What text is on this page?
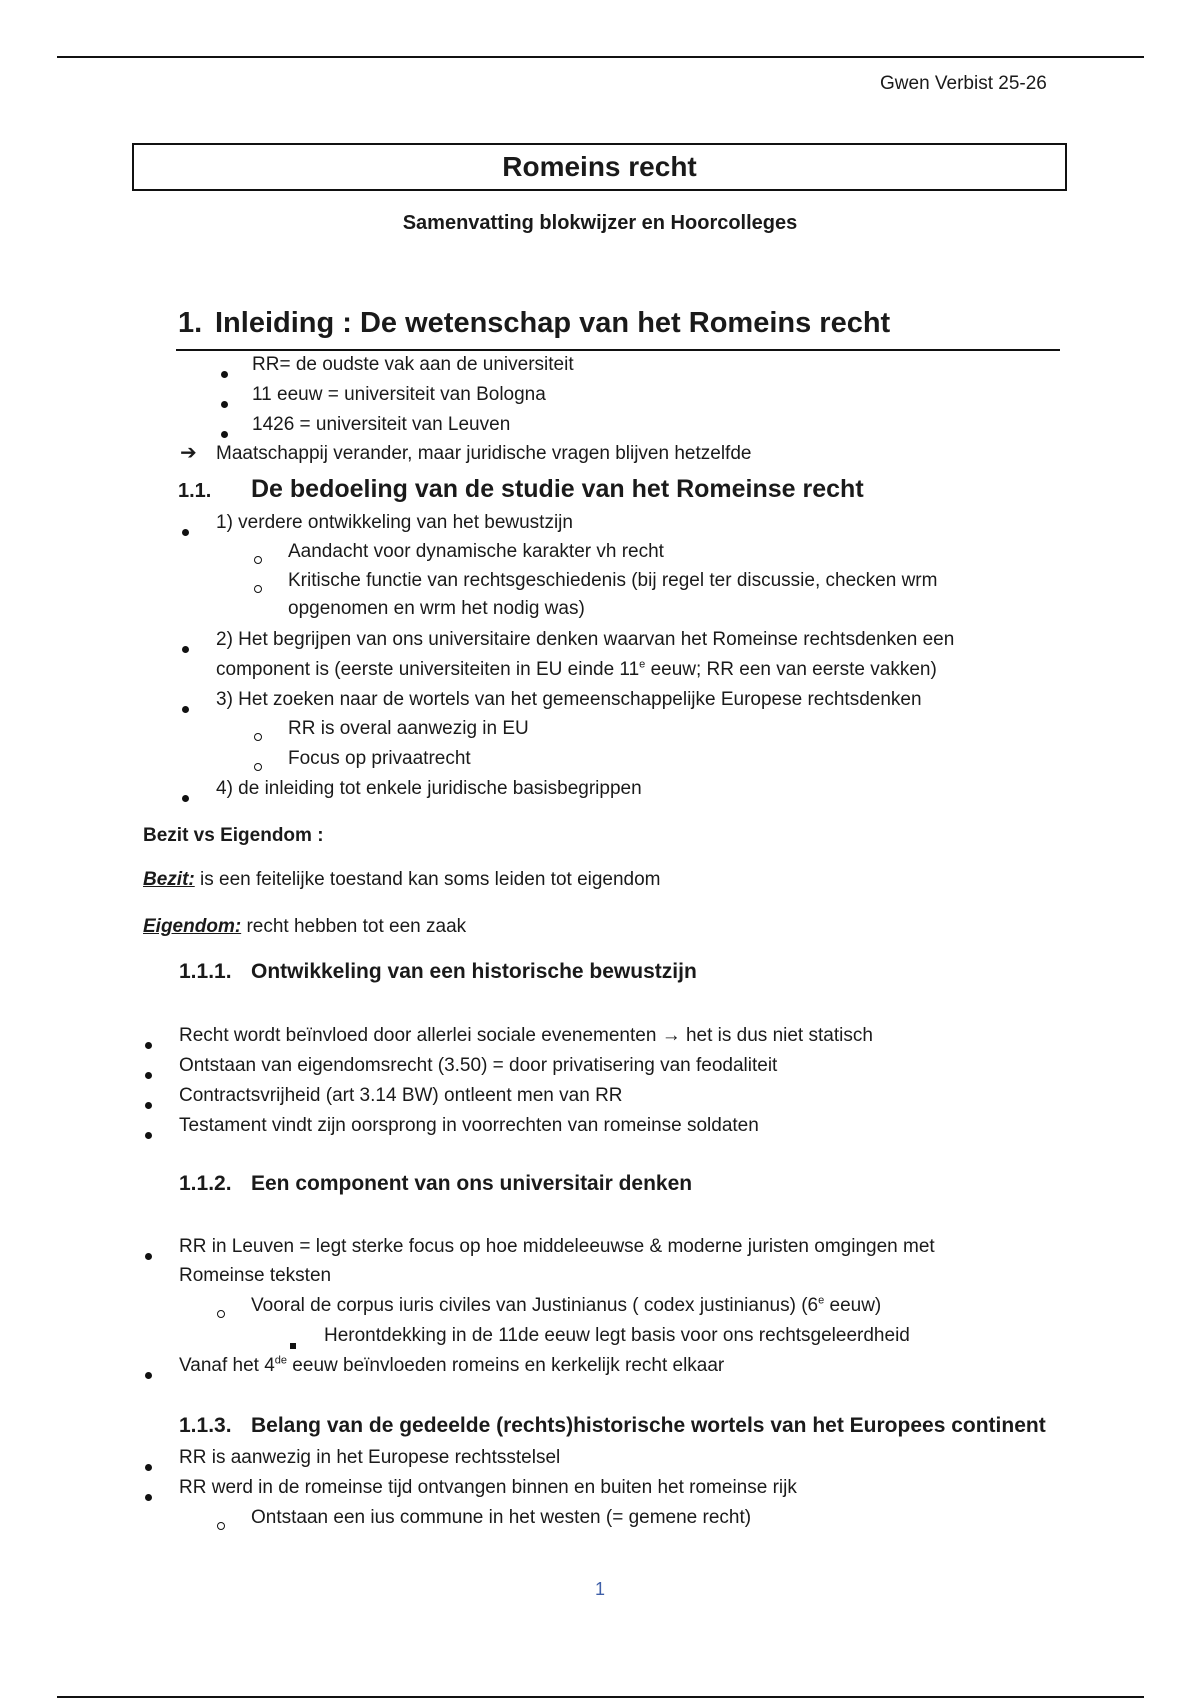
Gwen Verbist 25-26
Romeins recht
Samenvatting blokwijzer en Hoorcolleges
1. Inleiding : De wetenschap van het Romeins recht
RR= de oudste vak aan de universiteit
11 eeuw = universiteit van Bologna
1426 = universiteit van Leuven
➔ Maatschappij verander, maar juridische vragen blijven hetzelfde
1.1. De bedoeling van de studie van het Romeinse recht
1) verdere ontwikkeling van het bewustzijn
Aandacht voor dynamische karakter vh recht
Kritische functie van rechtsgeschiedenis (bij regel ter discussie, checken wrm
opgenomen en wrm het nodig was)
2) Het begrijpen van ons universitaire denken waarvan het Romeinse rechtsdenken een
component is (eerste universiteiten in EU einde 11e eeuw; RR een van eerste vakken)
3) Het zoeken naar de wortels van het gemeenschappelijke Europese rechtsdenken
RR is overal aanwezig in EU
Focus op privaatrecht
4) de inleiding tot enkele juridische basisbegrippen
Bezit vs Eigendom :
Bezit: is een feitelijke toestand kan soms leiden tot eigendom
Eigendom: recht hebben tot een zaak
1.1.1. Ontwikkeling van een historische bewustzijn
Recht wordt beïnvloed door allerlei sociale evenementen → het is dus niet statisch
Ontstaan van eigendomsrecht (3.50) = door privatisering van feodaliteit
Contractsvrijheid (art 3.14 BW) ontleent men van RR
Testament vindt zijn oorsprong in voorrechten van romeinse soldaten
1.1.2. Een component van ons universitair denken
RR in Leuven = legt sterke focus op hoe middeleeuwse & moderne juristen omgingen met
Romeinse teksten
Vooral de corpus iuris civiles van Justinianus ( codex justinianus) (6e eeuw)
Herontdekking in de 11de eeuw legt basis voor ons rechtsgeleerdheid
Vanaf het 4de eeuw beïnvloeden romeins en kerkelijk recht elkaar
1.1.3. Belang van de gedeelde (rechts)historische wortels van het Europees continent
RR is aanwezig in het Europese rechtsstelsel
RR werd in de romeinse tijd ontvangen binnen en buiten het romeinse rijk
Ontstaan een ius commune in het westen (= gemene recht)
1
